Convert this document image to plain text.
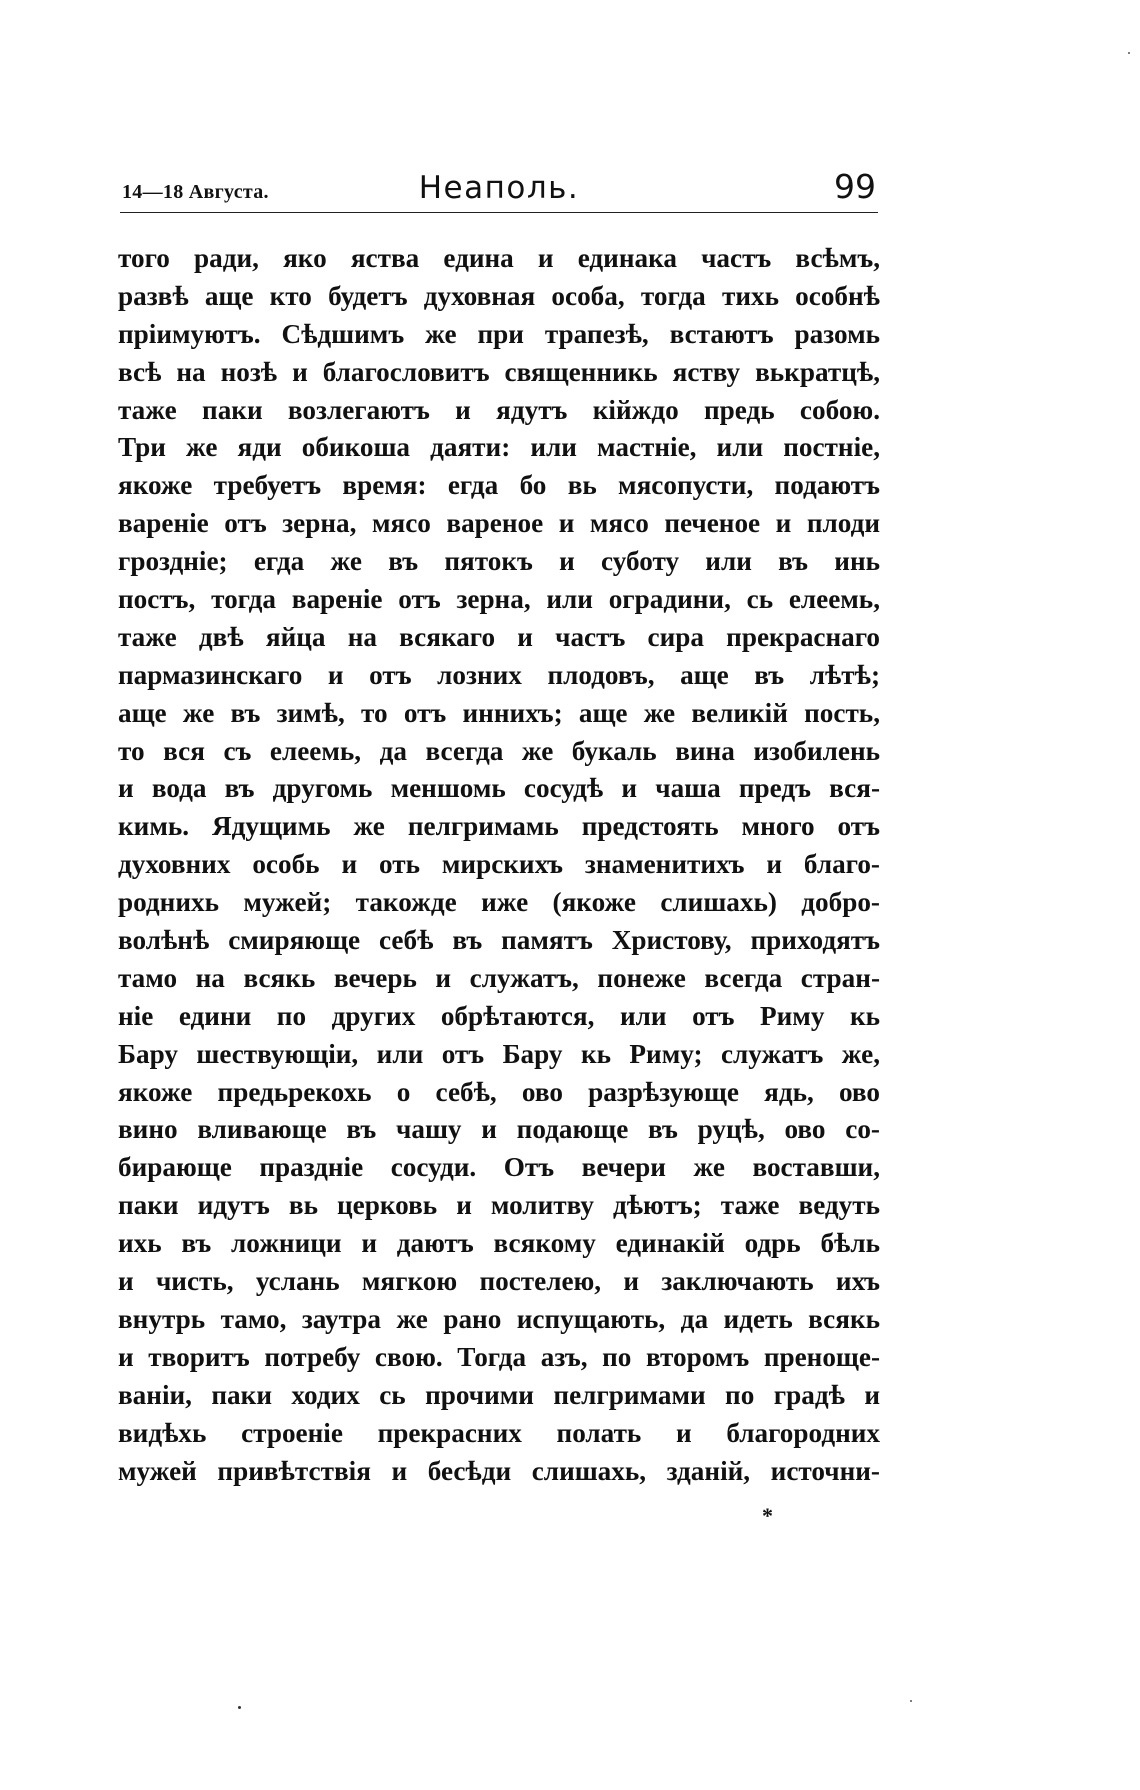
14—18 Августа.	Неаполь.	99
того ради, яко яства едина и единака частъ всѣмъ,
развѣ аще кто будетъ духовная особа, тогда тихь особнѣ
пріимуютъ. Сѣдшимъ же при трапезѣ, встаютъ разомь
всѣ на нозѣ и благословитъ священникь яству вькратцѣ,
таже паки возлегаютъ и ядутъ кійждо предь собою.
Три же яди обикоша даяти: или мастніе, или постніе,
якоже требуетъ время: егда бо вь мясопусти, подаютъ
вареніе отъ зерна, мясо вареное и мясо печеное и плоди
гроздніе; егда же въ пятокъ и суботу или въ инь
постъ, тогда вареніе отъ зерна, или оградини, сь елеемь,
таже двѣ яйца на всякаго и частъ сира прекраснаго
пармазинскаго и отъ лозних плодовъ, аще въ лѣтѣ;
аще же въ зимѣ, то отъ иннихъ; аще же великій пость,
то вся съ елеемь, да всегда же букаль вина изобилень
и вода въ другомь меншомь сосудѣ и чаша предъ вся-
кимь. Ядущимь же пелгримамь предстоять много отъ
духовних особь и оть мирскихъ знаменитихъ и благо-
роднихь мужей; такожде иже (якоже слишахь) добро-
волѣнѣ смиряюще себѣ въ памятъ Христову, приходятъ
тамо на всякь вечерь и служатъ, понеже всегда стран-
ніе едини по других обрѣтаются, или отъ Риму кь
Бару шествующіи, или отъ Бару кь Риму; служатъ же,
якоже предьрекохь о себѣ, ово разрѣзующе ядь, ово
вино вливающе въ чашу и подающе въ руцѣ, ово со-
бирающе праздніе сосуди. Отъ вечери же воставши,
паки идутъ вь церковь и молитву дѣютъ; таже ведуть
ихь въ ложници и даютъ всякому единакій одрь бѣль
и чисть, услань мягкою постелею, и заключають ихъ
внутрь тамо, заутра же рано испущають, да идеть всякь
и творитъ потребу свою. Тогда азъ, по второмъ пренощe-
ваніи, паки ходих сь прочими пелгримами по градѣ и
видѣхь строеніе прекрасних полать и благородних
мужей привѣтствія и бесѣди слишахь, зданій, источни-
*
